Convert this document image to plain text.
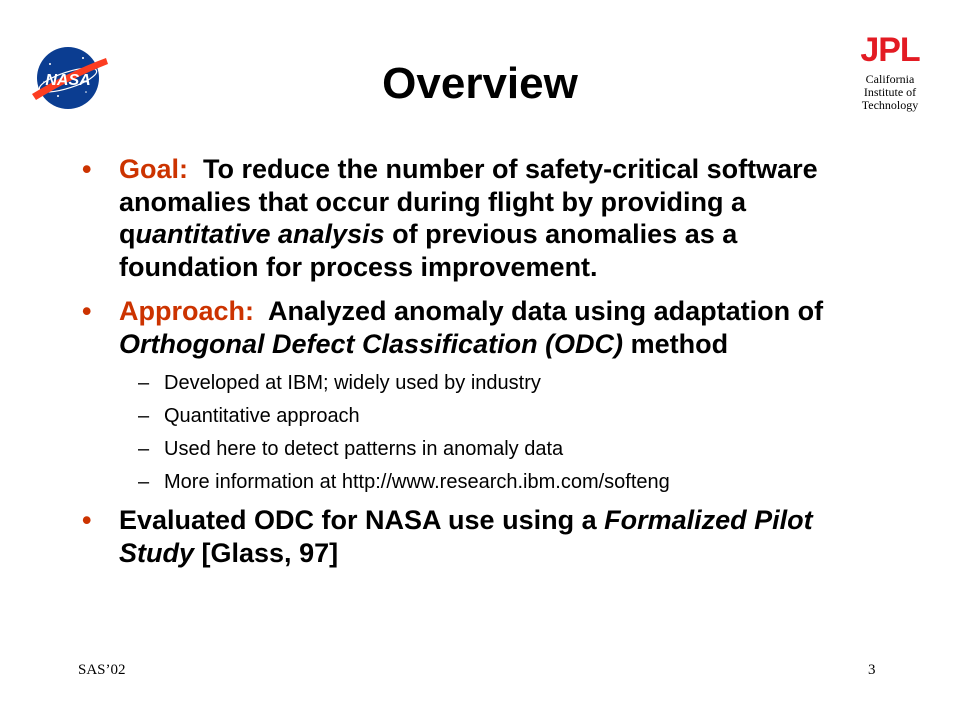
NASA
JPL
California
Institute of
Technology
Overview
• Goal:  To reduce the number of safety-critical software anomalies that occur during flight by providing a quantitative analysis of previous anomalies as a foundation for process improvement.
• Approach:  Analyzed anomaly data using adaptation of Orthogonal Defect Classification (ODC) method
– Developed at IBM; widely used by industry
– Quantitative approach
– Used here to detect patterns in anomaly data
– More information at http://www.research.ibm.com/softeng
• Evaluated ODC for NASA use using a Formalized Pilot Study [Glass, 97]
SAS’02	3
